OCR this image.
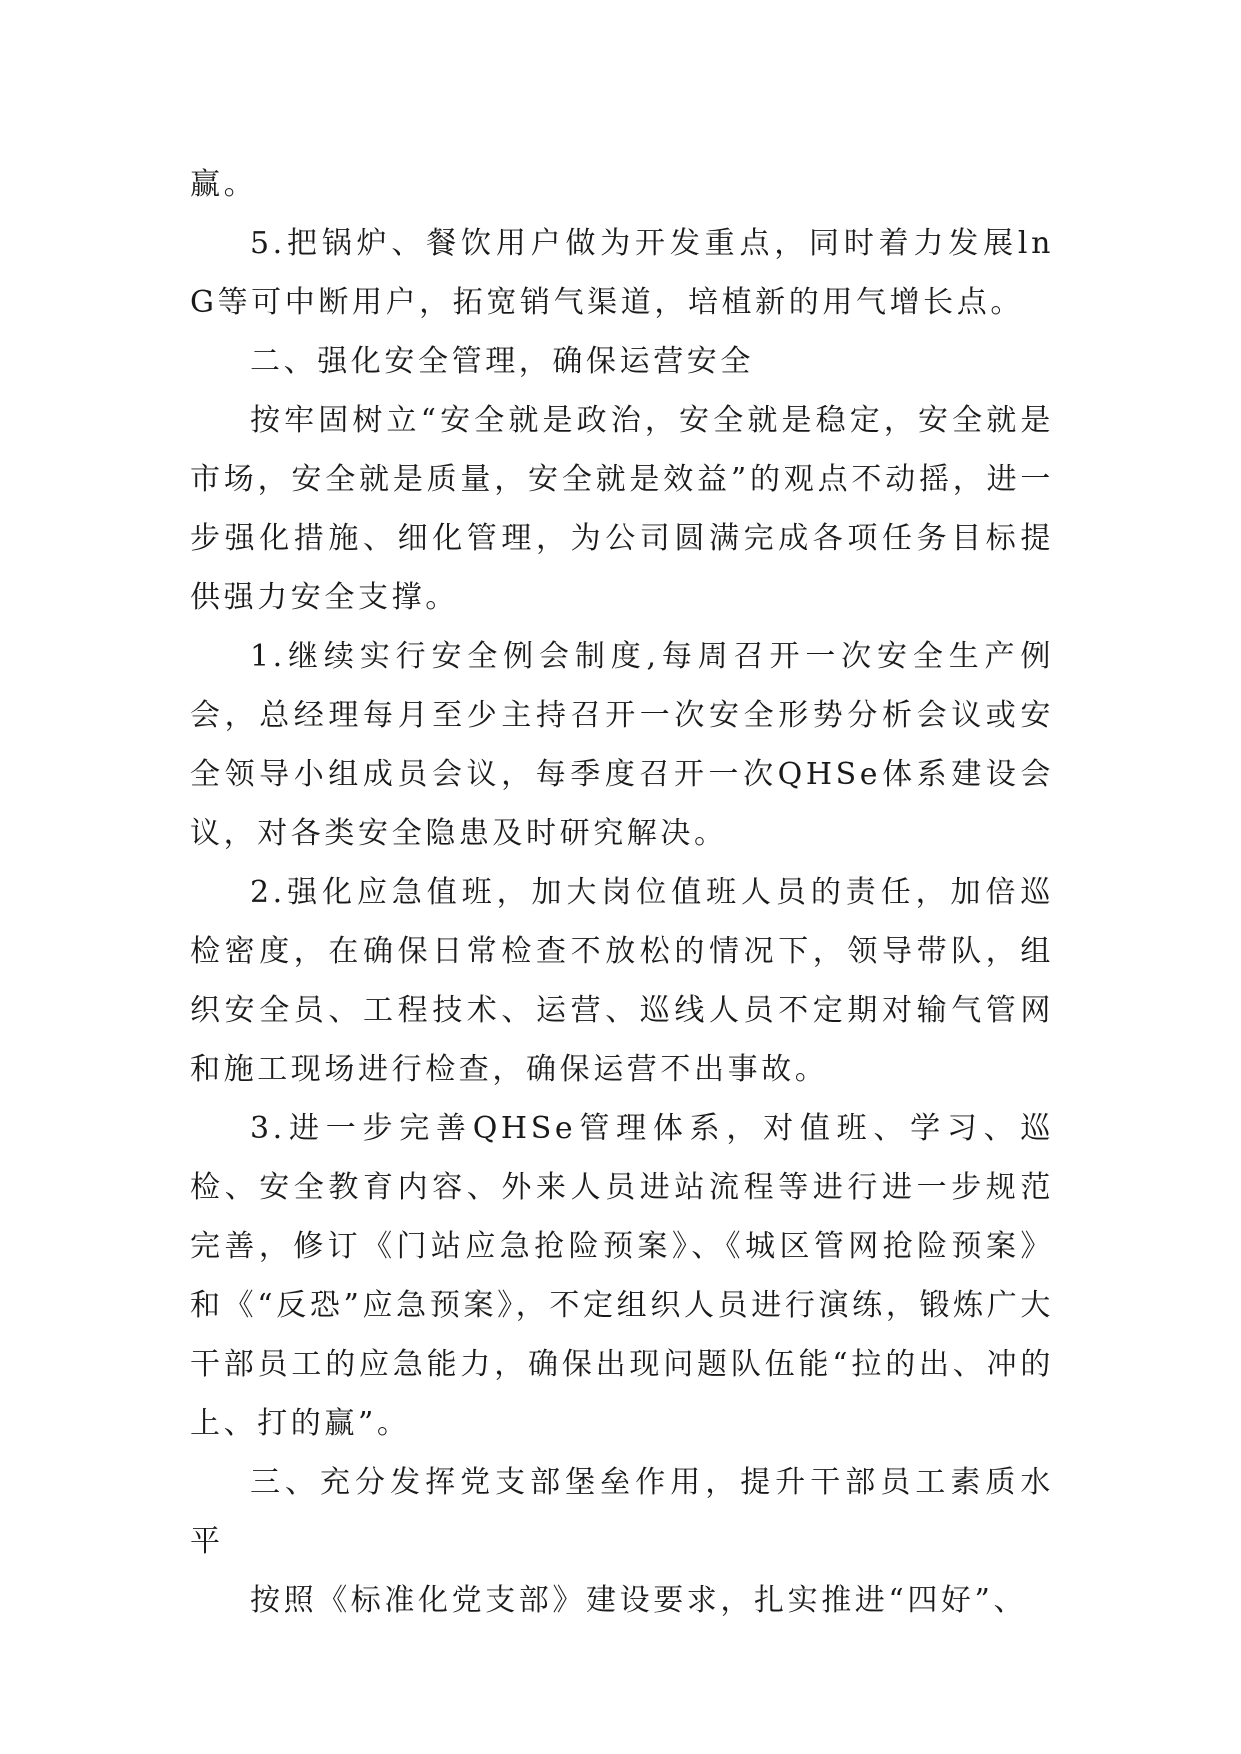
赢。

5.把锅炉、餐饮用户做为开发重点，同时着力发展lnG等可中断用户，拓宽销气渠道，培植新的用气增长点。

二、强化安全管理，确保运营安全

按牢固树立“安全就是政治，安全就是稳定，安全就是市场，安全就是质量，安全就是效益”的观点不动摇，进一步强化措施、细化管理，为公司圆满完成各项任务目标提供强力安全支撑。

1.继续实行安全例会制度,每周召开一次安全生产例会，总经理每月至少主持召开一次安全形势分析会议或安全领导小组成员会议，每季度召开一次QHSe体系建设会议，对各类安全隐患及时研究解决。

2.强化应急值班，加大岗位值班人员的责任，加倍巡检密度，在确保日常检查不放松的情况下，领导带队，组织安全员、工程技术、运营、巡线人员不定期对输气管网和施工现场进行检查，确保运营不出事故。

3.进一步完善QHSe管理体系，对值班、学习、巡检、安全教育内容、外来人员进站流程等进行进一步规范完善，修订《门站应急抢险预案》、《城区管网抢险预案》和《“反恐”应急预案》，不定组织人员进行演练，锻炼广大干部员工的应急能力，确保出现问题队伍能“拉的出、冲的上、打的赢”。

三、充分发挥党支部堡垒作用，提升干部员工素质水平

按照《标准化党支部》建设要求，扎实推进“四好”、
